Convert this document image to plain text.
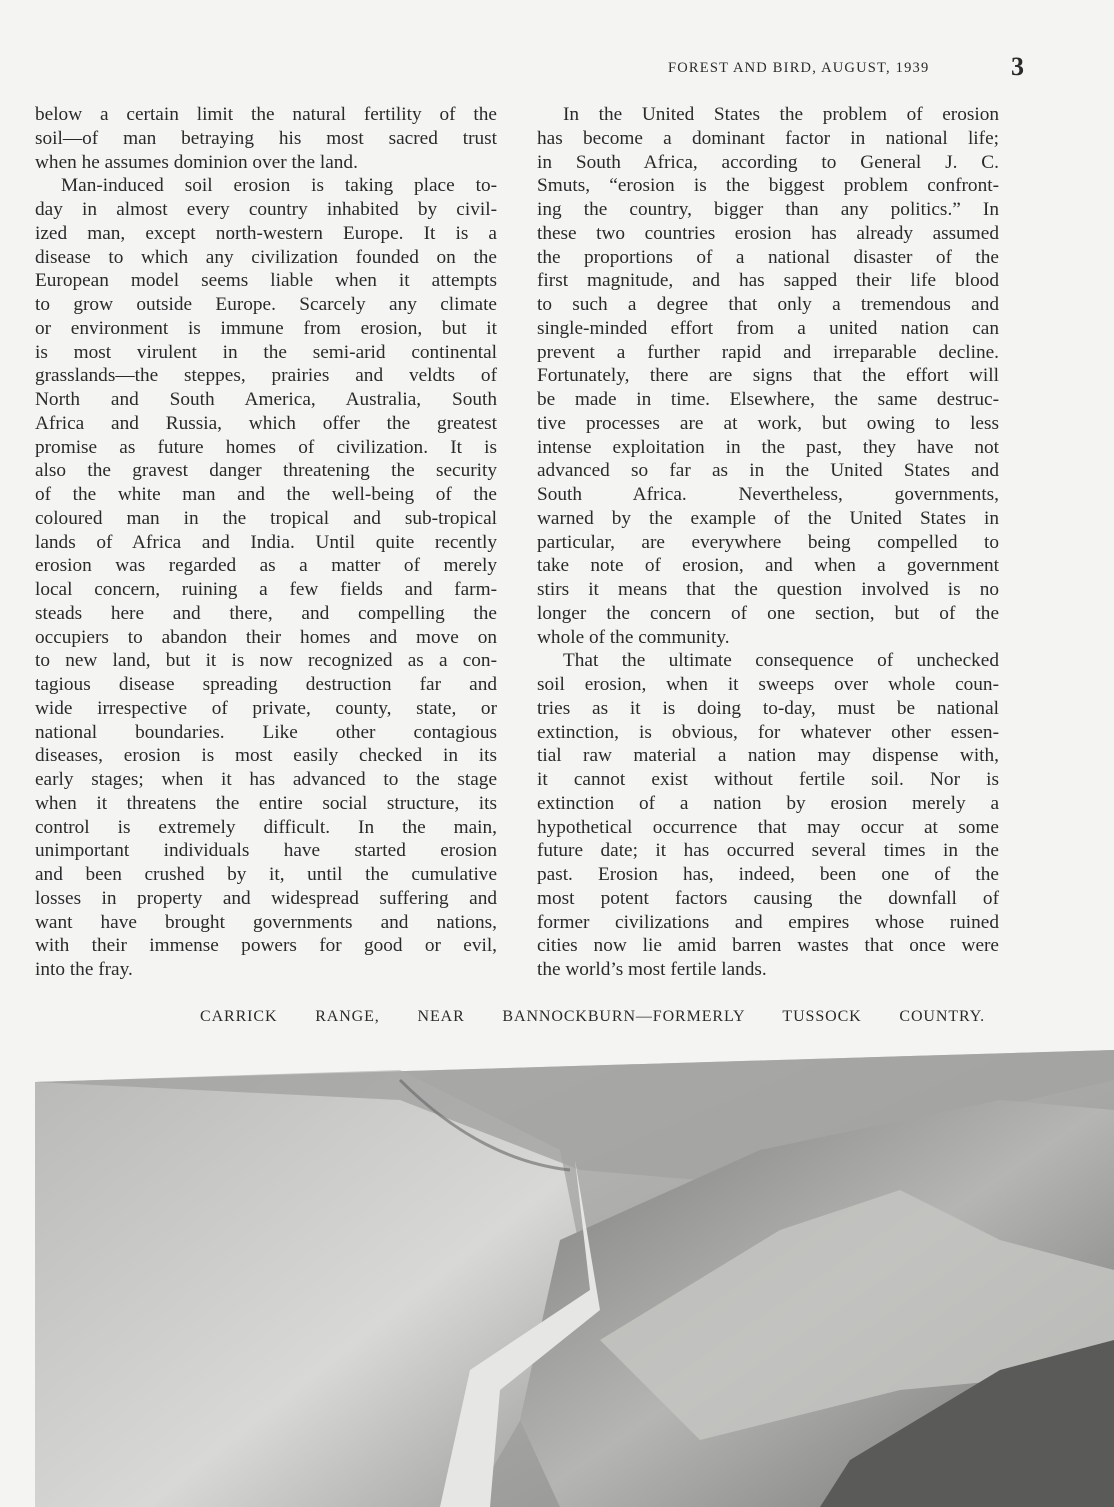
FOREST AND BIRD, AUGUST, 1939	3
below a certain limit the natural fertility of the
soil—of man betraying his most sacred trust
when he assumes dominion over the land.
Man-induced soil erosion is taking place to-
day in almost every country inhabited by civil-
ized man, except north-western Europe. It is a
disease to which any civilization founded on the
European model seems liable when it attempts
to grow outside Europe. Scarcely any climate
or environment is immune from erosion, but it
is most virulent in the semi-arid continental
grasslands—the steppes, prairies and veldts of
North and South America, Australia, South
Africa and Russia, which offer the greatest
promise as future homes of civilization. It is
also the gravest danger threatening the security
of the white man and the well-being of the
coloured man in the tropical and sub-tropical
lands of Africa and India. Until quite recently
erosion was regarded as a matter of merely
local concern, ruining a few fields and farm-
steads here and there, and compelling the
occupiers to abandon their homes and move on
to new land, but it is now recognized as a con-
tagious disease spreading destruction far and
wide irrespective of private, county, state, or
national boundaries. Like other contagious
diseases, erosion is most easily checked in its
early stages; when it has advanced to the stage
when it threatens the entire social structure, its
control is extremely difficult. In the main,
unimportant individuals have started erosion
and been crushed by it, until the cumulative
losses in property and widespread suffering and
want have brought governments and nations,
with their immense powers for good or evil,
into the fray.
In the United States the problem of erosion
has become a dominant factor in national life;
in South Africa, according to General J. C.
Smuts, “erosion is the biggest problem confront-
ing the country, bigger than any politics.” In
these two countries erosion has already assumed
the proportions of a national disaster of the
first magnitude, and has sapped their life blood
to such a degree that only a tremendous and
single-minded effort from a united nation can
prevent a further rapid and irreparable decline.
Fortunately, there are signs that the effort will
be made in time. Elsewhere, the same destruc-
tive processes are at work, but owing to less
intense exploitation in the past, they have not
advanced so far as in the United States and
South Africa. Nevertheless, governments,
warned by the example of the United States in
particular, are everywhere being compelled to
take note of erosion, and when a government
stirs it means that the question involved is no
longer the concern of one section, but of the
whole of the community.
That the ultimate consequence of unchecked
soil erosion, when it sweeps over whole coun-
tries as it is doing to-day, must be national
extinction, is obvious, for whatever other essen-
tial raw material a nation may dispense with,
it cannot exist without fertile soil. Nor is
extinction of a nation by erosion merely a
hypothetical occurrence that may occur at some
future date; it has occurred several times in the
past. Erosion has, indeed, been one of the
most potent factors causing the downfall of
former civilizations and empires whose ruined
cities now lie amid barren wastes that once were
the world’s most fertile lands.
CARRICK RANGE, NEAR BANNOCKBURN—FORMERLY TUSSOCK COUNTRY.
